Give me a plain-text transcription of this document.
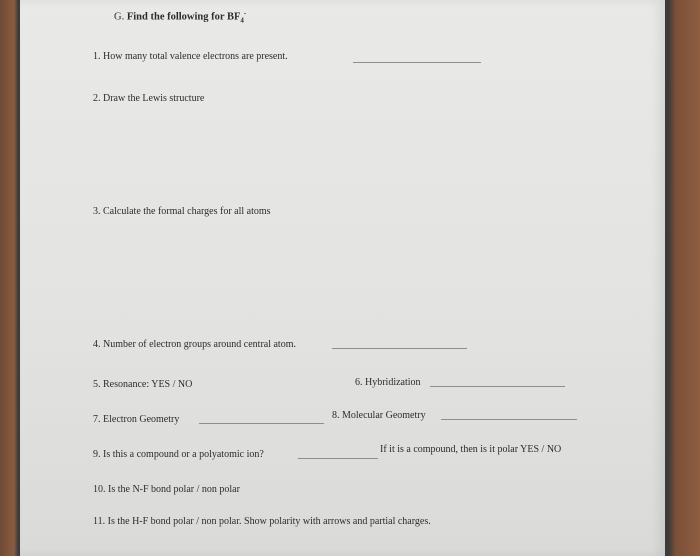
G. Find the following for $BF_4^-$
1. How many total valence electrons are present.
2. Draw the Lewis structure
3. Calculate the formal charges for all atoms
4. Number of electron groups around central atom.
5. Resonance: YES / NO	6. Hybridization
7. Electron Geometry	8. Molecular Geometry
9. Is this a compound or a polyatomic ion?	If it is a compound, then is it polar YES / NO
10. Is the N-F bond polar / non polar
11. Is the H-F bond polar / non polar. Show polarity with arrows and partial charges.
